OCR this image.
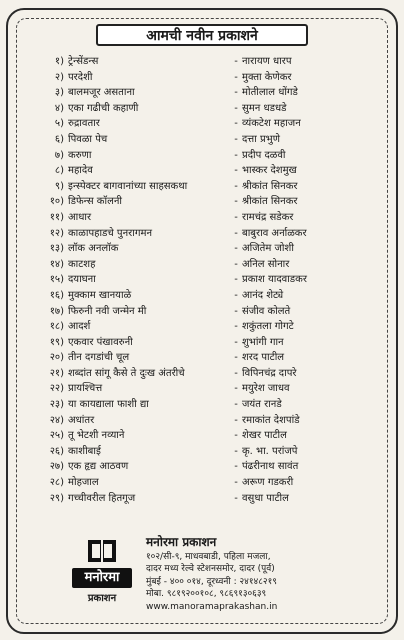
आमची नवीन प्रकाशने
१) ट्रेन्सेंडन्स	- नारायण धारप
२) परदेशी	- मुक्ता केणेकर
३) बालमजूर असताना	- मोतीलाल धोंगडे
४) एका गढीची कहाणी	- सुमन धडधडे
५) रुद्रावतार	- व्यंकटेश महाजन
६) पिवळा पेच	- दत्ता प्रभुणे
७) करुणा	- प्रदीप दळवी
८) महादेव	- भास्कर देशमुख
९) इन्स्पेक्टर बागवानांच्या साहसकथा	- श्रीकांत सिनकर
१०) डिफेन्स कॉलनी	- श्रीकांत सिनकर
११) आधार	- रामचंद्र सडेकर
१२) काळापहाडचे पुनरागमन	- बाबुराव अर्नाळकर
१३) लॉक अनलॉक	- अजितेम जोशी
१४) काटशह	- अनिल सोनार
१५) दयाघना	- प्रकाश यादवाडकर
१६) मुक्काम खानयाळे	- आनंद शेट्ये
१७) फिरुनी नवी जन्मेन मी	- संजीव कोलते
१८) आदर्श	- शकुंतला गोगटे
१९) एकवार पंखावरुनी	- शुभांगी गान
२०) तीन दगडांची चूल	- शरद पाटील
२१) शब्दांत सांगू कैसे ते दुःख अंतरीचे	- विपिनचंद्र दापरे
२२) प्रायश्चित्त	- मयुरेश जाधव
२३) या कायद्याला फाशी द्या	- जयंत रानडे
२४) अधांतर	- रमाकांत देशपांडे
२५) तू भेटशी नव्याने	- शेखर पाटील
२६) काशीबाई	- कृ. भा. परांजपे
२७) एक हृद्य आठवण	- पंढरीनाथ सावंत
२८) मोहजाल	- अरूण गडकरी
२९) गच्चीवरील हितगूज	- वसुधा पाटील
मनोरमा
प्रकाशन
मनोरमा प्रकाशन
१०२/सी-९, माधवबाडी, पहिला मजला,
दादर मध्य रेल्वे स्टेशनसमोर, दादर (पूर्व)
मुंबई - ४०० ०१४, दूरध्वनी : २४१४८२१९
मोबा. ९८१९२००१०८, ९८६९१३०६३९
www.manoramaprakashan.in
